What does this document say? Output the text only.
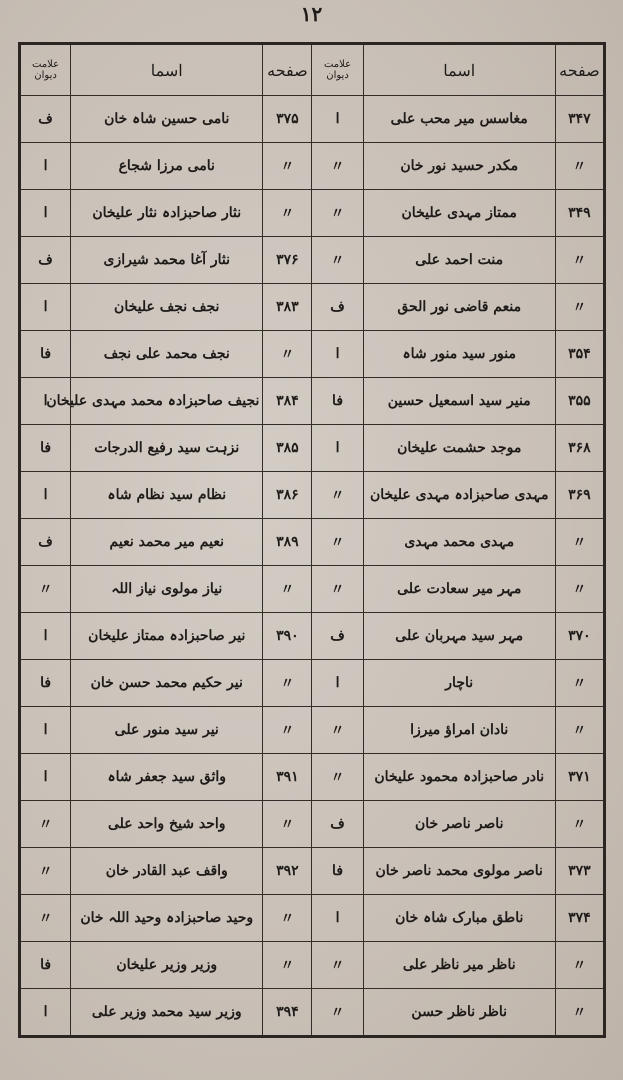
۱۲
علامت دیوان	اسما	صفحه	علامت دیوان	اسما	صفحه
ف	نامی حسین شاہ خان	۳۷۵	ا	مغاسس میر محب علی	۳۴۷
ا	نامی مرزا شجاع	〃	〃	مکدر حسید نور خان	〃
ا	نثار صاحبزادہ نثار علیخان	〃	〃	ممتاز مہدی علیخان	۳۴۹
ف	نثار آغا محمد شیرازی	۳۷۶	〃	منت احمد علی	〃
ا	نجف نجف علیخان	۳۸۳	ف	منعم قاضی نور الحق	〃
فا	نجف محمد علی نجف	〃	ا	منور سید منور شاہ	۳۵۴
ا	نجیف صاحبزادہ محمد مہدی علیخان	۳۸۴	فا	منیر سید اسمعیل حسین	۳۵۵
فا	نزہت سید رفیع الدرجات	۳۸۵	ا	موجد حشمت علیخان	۳۶۸
ا	نظام سید نظام شاہ	۳۸۶	〃	مہدی صاحبزادہ مہدی علیخان	۳۶۹
ف	نعیم میر محمد نعیم	۳۸۹	〃	مہدی محمد مہدی	〃
〃	نیاز مولوی نیاز اللہ	〃	〃	مہر میر سعادت علی	〃
ا	نیر صاحبزادہ ممتاز علیخان	۳۹۰	ف	مہر سید مہربان علی	۳۷۰
فا	نیر حکیم محمد حسن خان	〃	ا	ناچار	〃
ا	نیر سید منور علی	〃	〃	نادان امراؤ میرزا	〃
ا	واثق سید جعفر شاہ	۳۹۱	〃	نادر صاحبزادہ محمود علیخان	۳۷۱
〃	واحد شیخ واحد علی	〃	ف	ناصر ناصر خان	〃
〃	واقف عبد القادر خان	۳۹۲	فا	ناصر مولوی محمد ناصر خان	۳۷۳
〃	وحید صاحبزادہ وحید اللہ خان	〃	ا	ناطق مبارک شاہ خان	۳۷۴
فا	وزیر وزیر علیخان	〃	〃	ناظر میر ناظر علی	〃
ا	وزیر سید محمد وزیر علی	۳۹۴	〃	ناظر ناظر حسن	〃
